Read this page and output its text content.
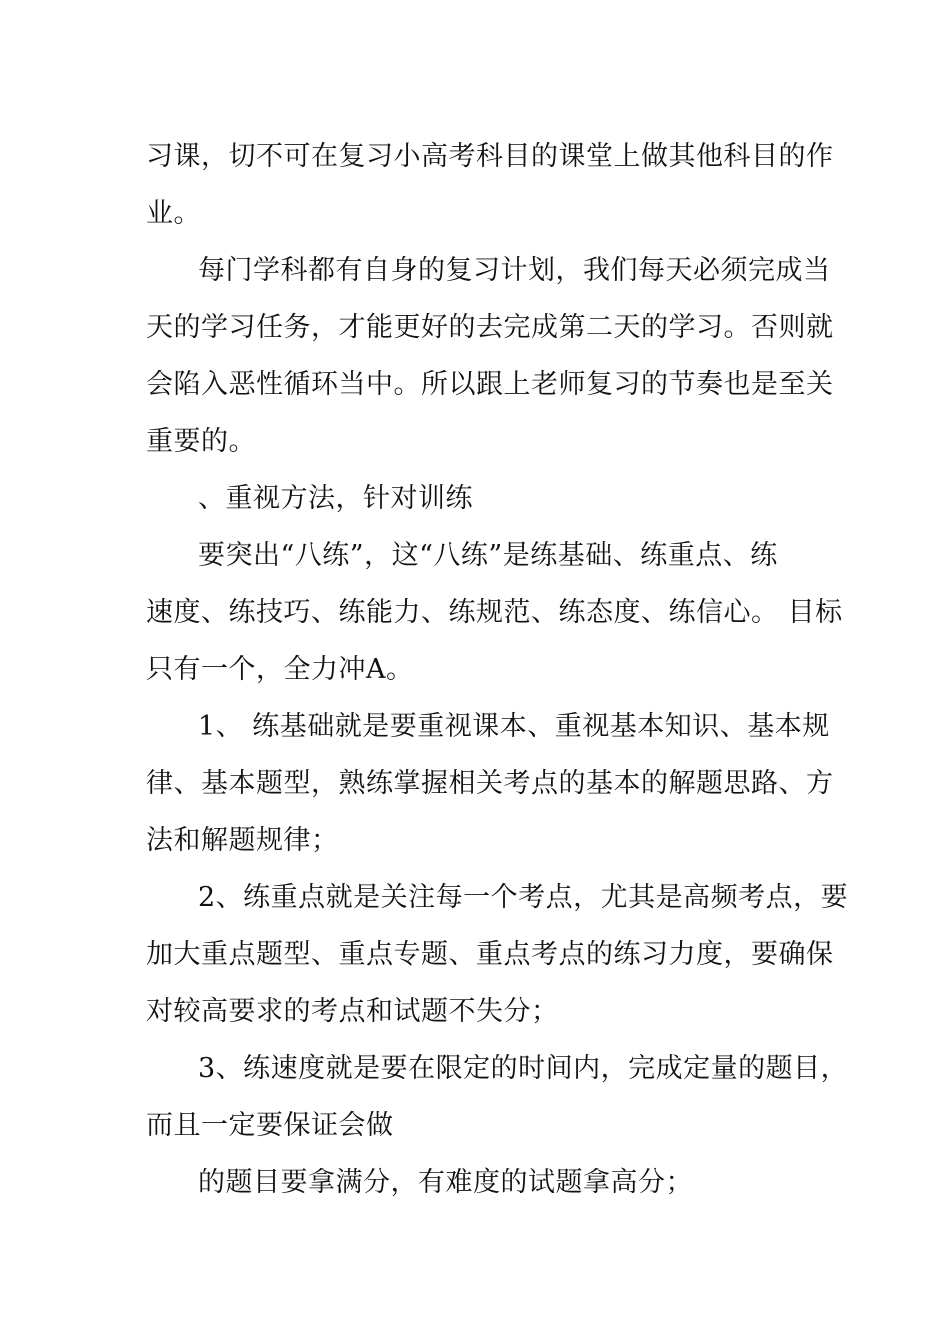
习课，切不可在复习小高考科目的课堂上做其他科目的作

业。

每门学科都有自身的复习计划，我们每天必须完成当

天的学习任务，才能更好的去完成第二天的学习。否则就

会陷入恶性循环当中。所以跟上老师复习的节奏也是至关

重要的。

、重视方法，针对训练

要突出“八练”，这“八练”是练基础、练重点、练

速度、练技巧、练能力、练规范、练态度、练信心。 目标

只有一个，全力冲A。

1、 练基础就是要重视课本、重视基本知识、基本规

律、基本题型，熟练掌握相关考点的基本的解题思路、方

法和解题规律；

2、练重点就是关注每一个考点，尤其是高频考点，要

加大重点题型、重点专题、重点考点的练习力度，要确保

对较高要求的考点和试题不失分；

3、练速度就是要在限定的时间内，完成定量的题目，

而且一定要保证会做

的题目要拿满分，有难度的试题拿高分；
